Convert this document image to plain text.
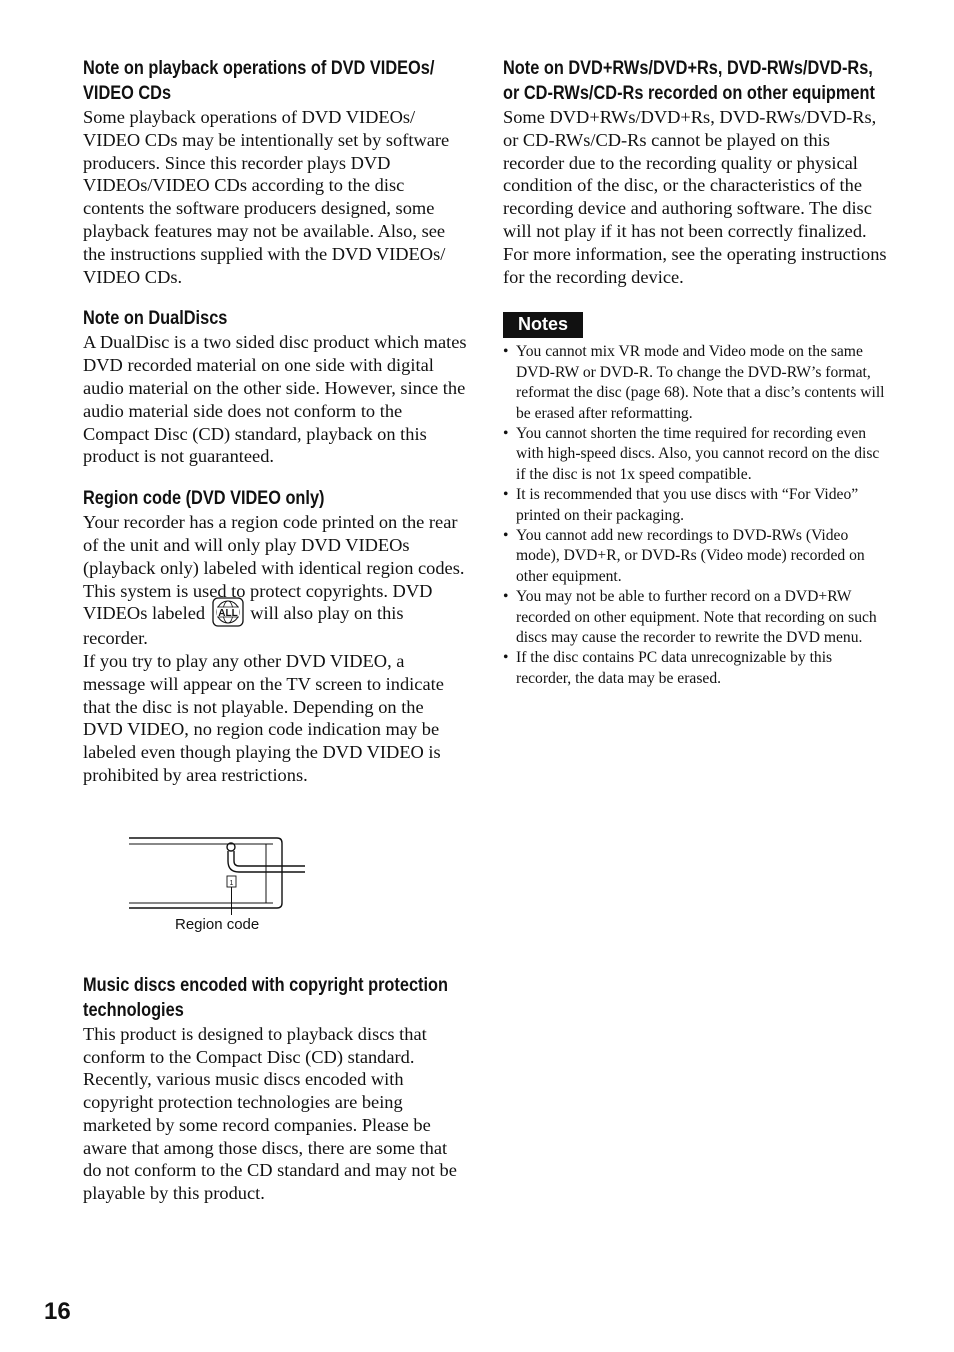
Note on playback operations of DVD VIDEOs/ VIDEO CDs

Some playback operations of DVD VIDEOs/ VIDEO CDs may be intentionally set by software producers. Since this recorder plays DVD VIDEOs/VIDEO CDs according to the disc contents the software producers designed, some playback features may not be available. Also, see the instructions supplied with the DVD VIDEOs/ VIDEO CDs.

Note on DualDiscs

A DualDisc is a two sided disc product which mates DVD recorded material on one side with digital audio material on the other side. However, since the audio material side does not conform to the Compact Disc (CD) standard, playback on this product is not guaranteed.

Region code (DVD VIDEO only)

Your recorder has a region code printed on the rear of the unit and will only play DVD VIDEOs (playback only) labeled with identical region codes. This system is used to protect copyrights. DVD VIDEOs labeled ALL will also play on this recorder.

If you try to play any other DVD VIDEO, a message will appear on the TV screen to indicate that the disc is not playable. Depending on the DVD VIDEO, no region code indication may be labeled even though playing the DVD VIDEO is prohibited by area restrictions.

1
Region code
Music discs encoded with copyright protection technologies

This product is designed to playback discs that conform to the Compact Disc (CD) standard. Recently, various music discs encoded with copyright protection technologies are being marketed by some record companies. Please be aware that among those discs, there are some that do not conform to the CD standard and may not be playable by this product.

Note on DVD+RWs/DVD+Rs, DVD-RWs/DVD-Rs, or CD-RWs/CD-Rs recorded on other equipment

Some DVD+RWs/DVD+Rs, DVD-RWs/DVD-Rs, or CD-RWs/CD-Rs cannot be played on this recorder due to the recording quality or physical condition of the disc, or the characteristics of the recording device and authoring software. The disc will not play if it has not been correctly finalized. For more information, see the operating instructions for the recording device.

Notes
• You cannot mix VR mode and Video mode on the same DVD-RW or DVD-R. To change the DVD-RW’s format, reformat the disc (page 68). Note that a disc’s contents will be erased after reformatting.
• You cannot shorten the time required for recording even with high-speed discs. Also, you cannot record on the disc if the disc is not 1x speed compatible.
• It is recommended that you use discs with “For Video” printed on their packaging.
• You cannot add new recordings to DVD-RWs (Video mode), DVD+R, or DVD-Rs (Video mode) recorded on other equipment.
• You may not be able to further record on a DVD+RW recorded on other equipment. Note that recording on such discs may cause the recorder to rewrite the DVD menu.
• If the disc contains PC data unrecognizable by this recorder, the data may be erased.
16
